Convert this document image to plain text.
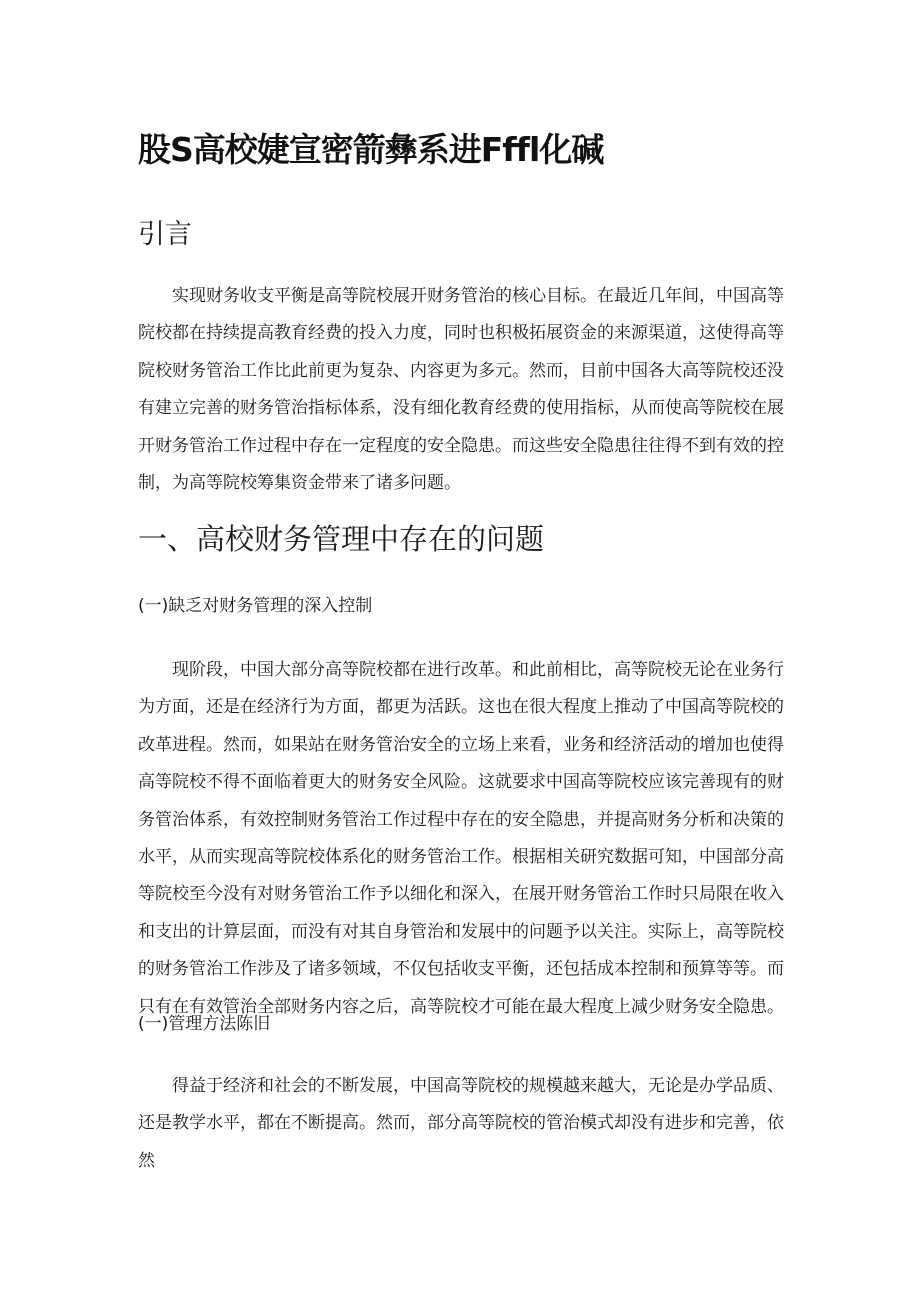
股S高校婕宣密箭彝系进Fffl化碱
引言

实现财务收支平衡是高等院校展开财务管治的核心目标。在最近几年间，中国高等院校都在持续提高教育经费的投入力度，同时也积极拓展资金的来源渠道，这使得高等院校财务管治工作比此前更为复杂、内容更为多元。然而，目前中国各大高等院校还没有建立完善的财务管治指标体系，没有细化教育经费的使用指标，从而使高等院校在展开财务管治工作过程中存在一定程度的安全隐患。而这些安全隐患往往得不到有效的控制，为高等院校筹集资金带来了诸多问题。

一、高校财务管理中存在的问题
(一)缺乏对财务管理的深入控制

现阶段，中国大部分高等院校都在进行改革。和此前相比，高等院校无论在业务行为方面，还是在经济行为方面，都更为活跃。这也在很大程度上推动了中国高等院校的改革进程。然而，如果站在财务管治安全的立场上来看，业务和经济活动的增加也使得高等院校不得不面临着更大的财务安全风险。这就要求中国高等院校应该完善现有的财务管治体系，有效控制财务管治工作过程中存在的安全隐患，并提高财务分析和决策的水平，从而实现高等院校体系化的财务管治工作。根据相关研究数据可知，中国部分高等院校至今没有对财务管治工作予以细化和深入，在展开财务管治工作时只局限在收入和支出的计算层面，而没有对其自身管治和发展中的问题予以关注。实际上，高等院校的财务管治工作涉及了诸多领域，不仅包括收支平衡，还包括成本控制和预算等等。而只有在有效管治全部财务内容之后，高等院校才可能在最大程度上减少财务安全隐患。

(一)管理方法陈旧

得益于经济和社会的不断发展，中国高等院校的规模越来越大，无论是办学品质、还是教学水平，都在不断提高。然而，部分高等院校的管治模式却没有进步和完善，依然
